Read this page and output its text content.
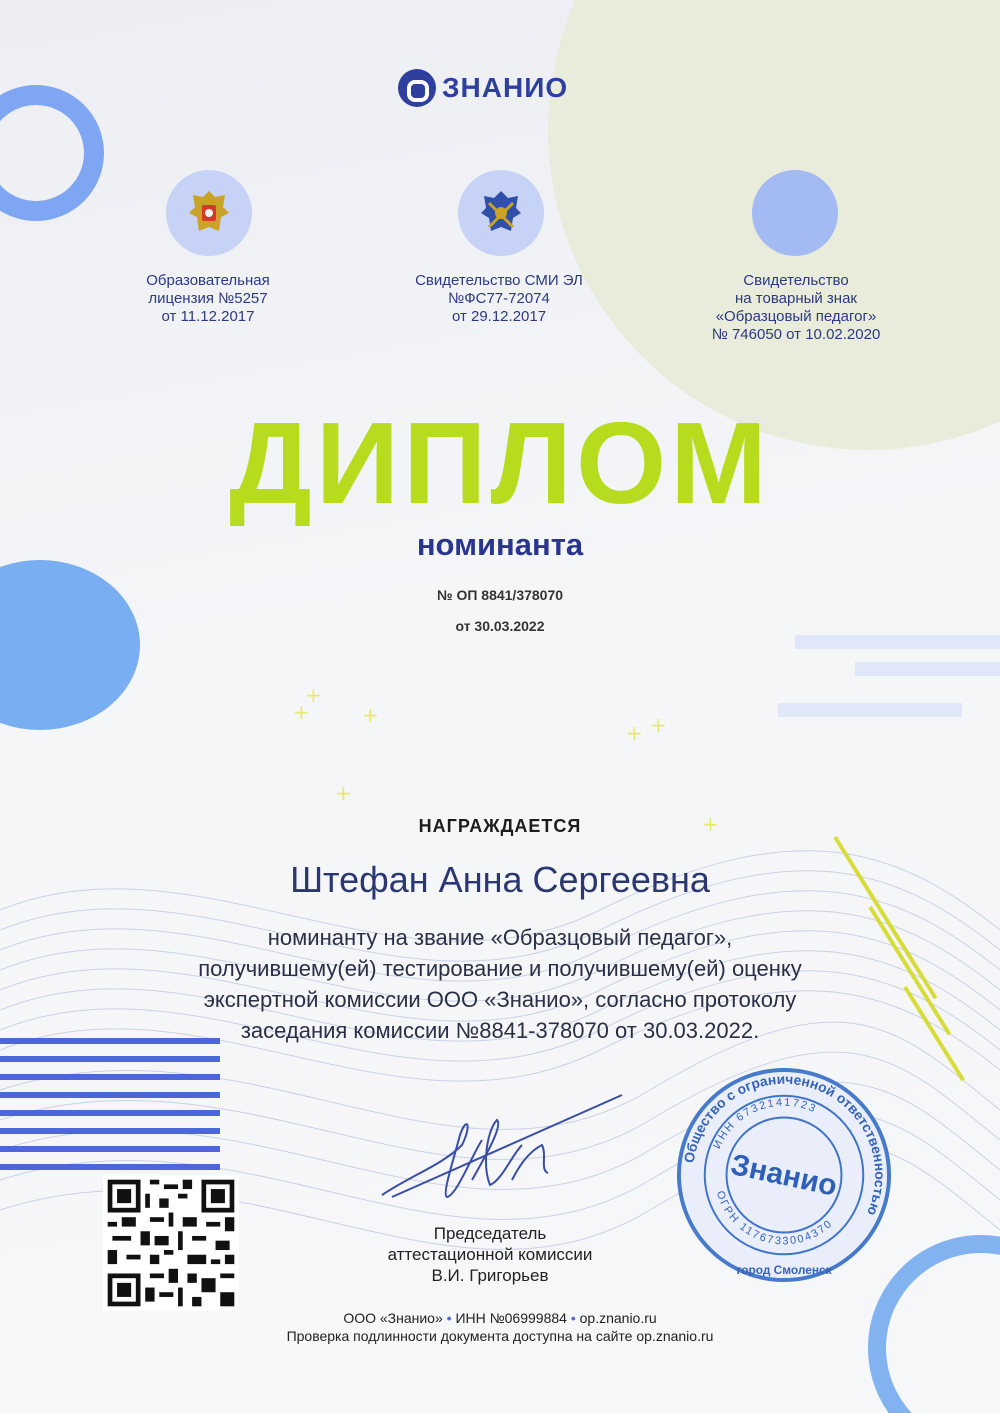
+
+	+	+
+
+
+
ЗНАНИО
Образовательная
лицензия №5257
от 11.12.2017
Свидетельство СМИ ЭЛ
№ФС77-72074
от 29.12.2017
Свидетельство
на товарный знак
«Образцовый педагог»
№ 746050 от 10.02.2020
ДИПЛОМ
номинанта
№ ОП 8841/378070
от 30.03.2022
НАГРАЖДАЕТСЯ
Штефан Анна Сергеевна
номинанту на звание «Образцовый педагог»,
получившему(ей) тестирование и получившему(ей) оценку
экспертной комиссии ООО «Знанио», согласно протоколу
заседания комиссии №8841-378070 от 30.03.2022.
Председатель
аттестационной комиссии
В.И. Григорьев
Общество с ограниченной ответственностью
ИНН 6732141723
ОГРН 1176733004370
город Смоленск
Знанио
ООО «Знанио» • ИНН №06999884 • op.znanio.ru
Проверка подлинности документа доступна на сайте op.znanio.ru
